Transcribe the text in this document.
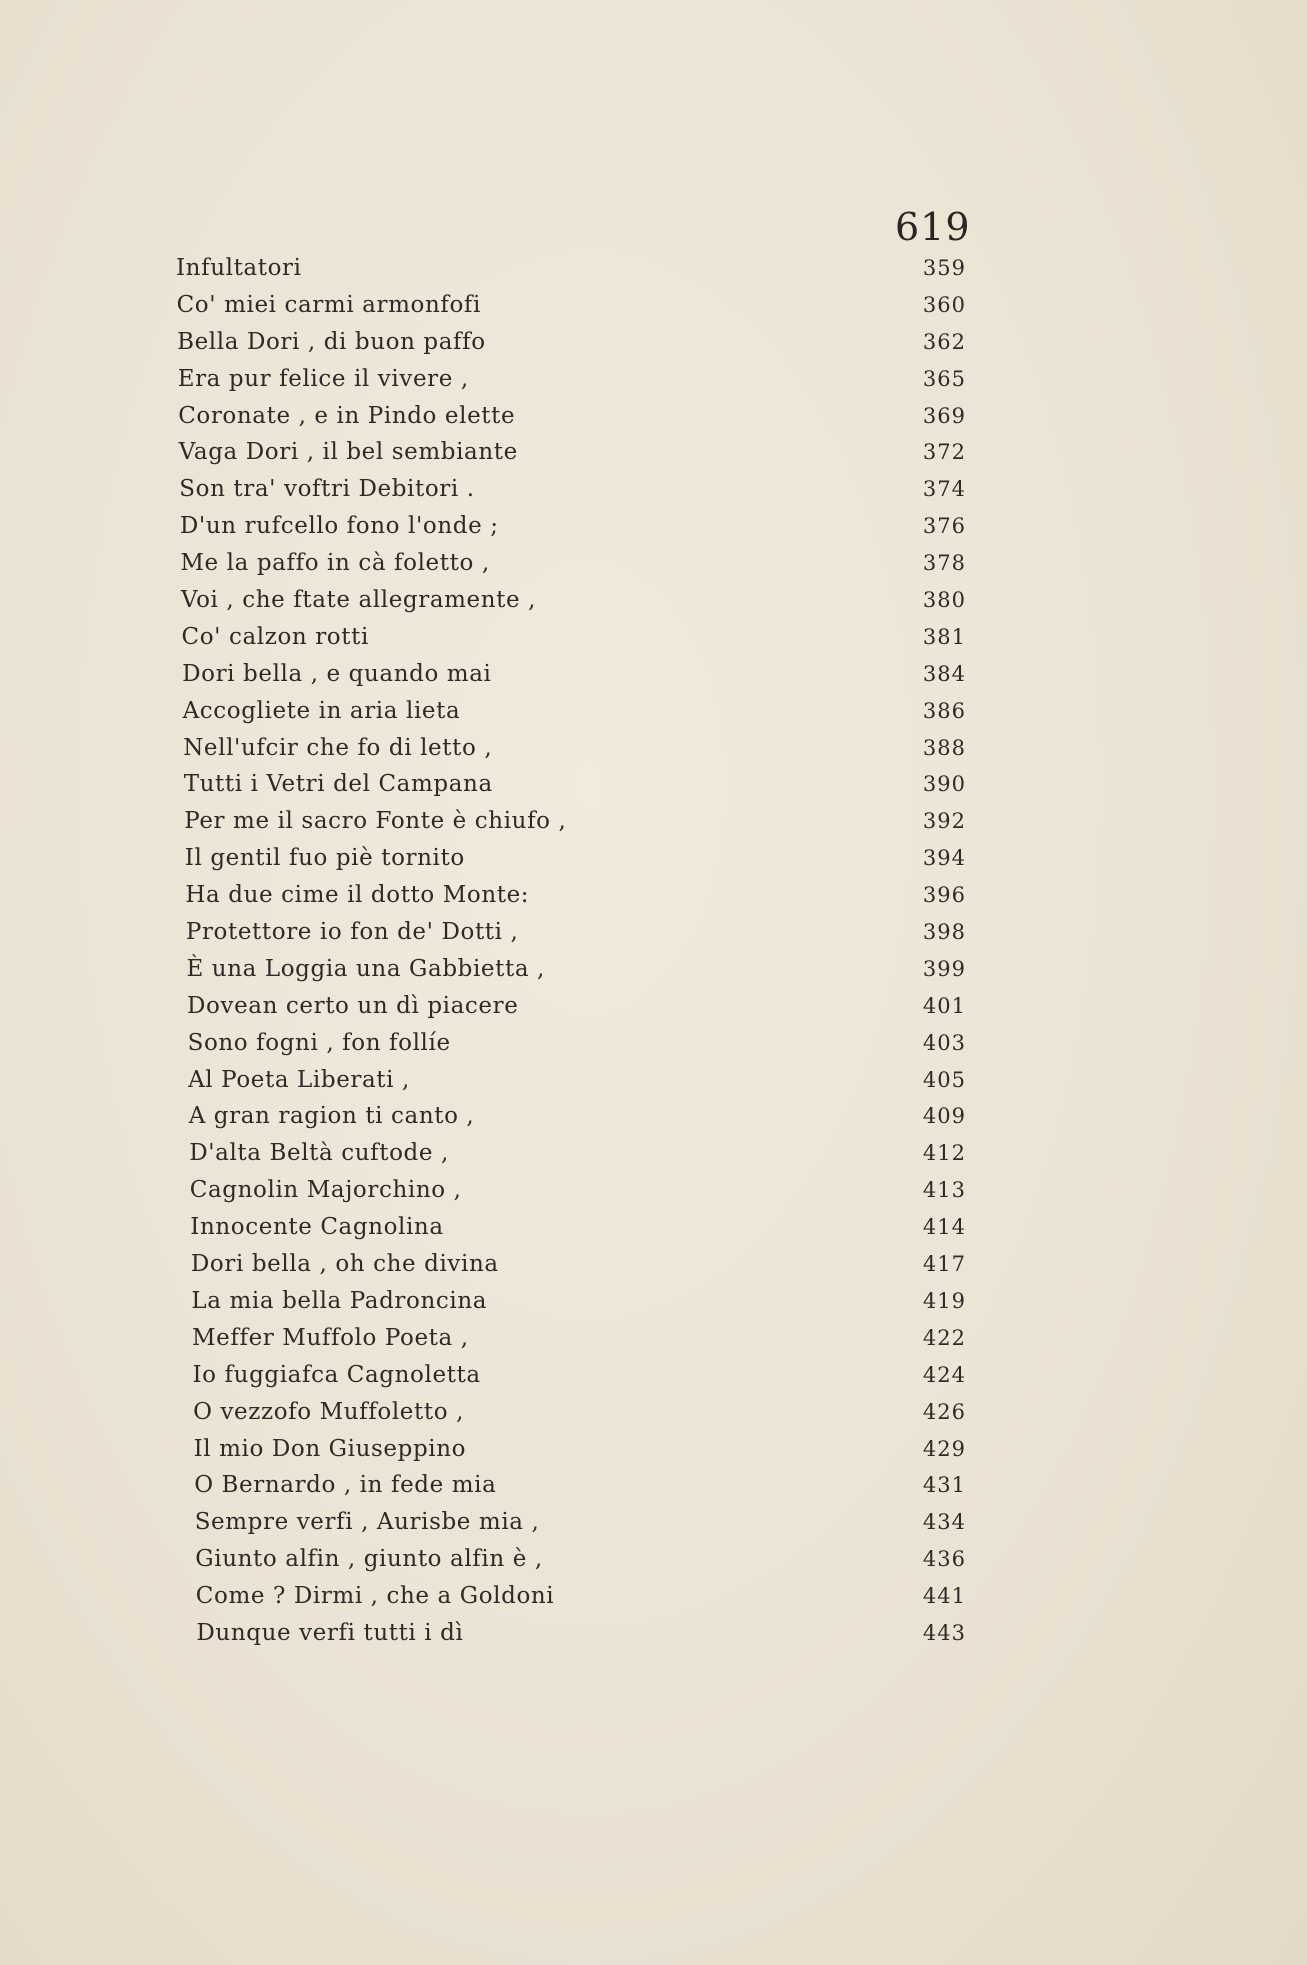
619
Infultatori	359
Co' miei carmi armonfofi	360
Bella Dori , di buon paffo	362
Era pur felice il vivere ,	365
Coronate , e in Pindo elette	369
Vaga Dori , il bel sembiante	372
Son tra' voftri Debitori .	374
D'un rufcello fono l'onde ;	376
Me la paffo in cà foletto ,	378
Voi , che ftate allegramente ,	380
Co' calzon rotti	381
Dori bella , e quando mai	384
Accogliete in aria lieta	386
Nell'ufcir che fo di letto ,	388
Tutti i Vetri del Campana	390
Per me il sacro Fonte è chiufo ,	392
Il gentil fuo piè tornito	394
Ha due cime il dotto Monte:	396
Protettore io fon de' Dotti ,	398
È una Loggia una Gabbietta ,	399
Dovean certo un dì piacere	401
Sono fogni , fon follíe	403
Al Poeta Liberati ,	405
A gran ragion ti canto ,	409
D'alta Beltà cuftode ,	412
Cagnolin Majorchino ,	413
Innocente Cagnolina	414
Dori bella , oh che divina	417
La mia bella Padroncina	419
Meffer Muffolo Poeta ,	422
Io fuggiafca Cagnoletta	424
O vezzofo Muffoletto ,	426
Il mio Don Giuseppino	429
O Bernardo , in fede mia	431
Sempre verfi , Aurisbe mia ,	434
Giunto alfin , giunto alfin è ,	436
Come ? Dirmi , che a Goldoni	441
Dunque verfi tutti i dì	443
